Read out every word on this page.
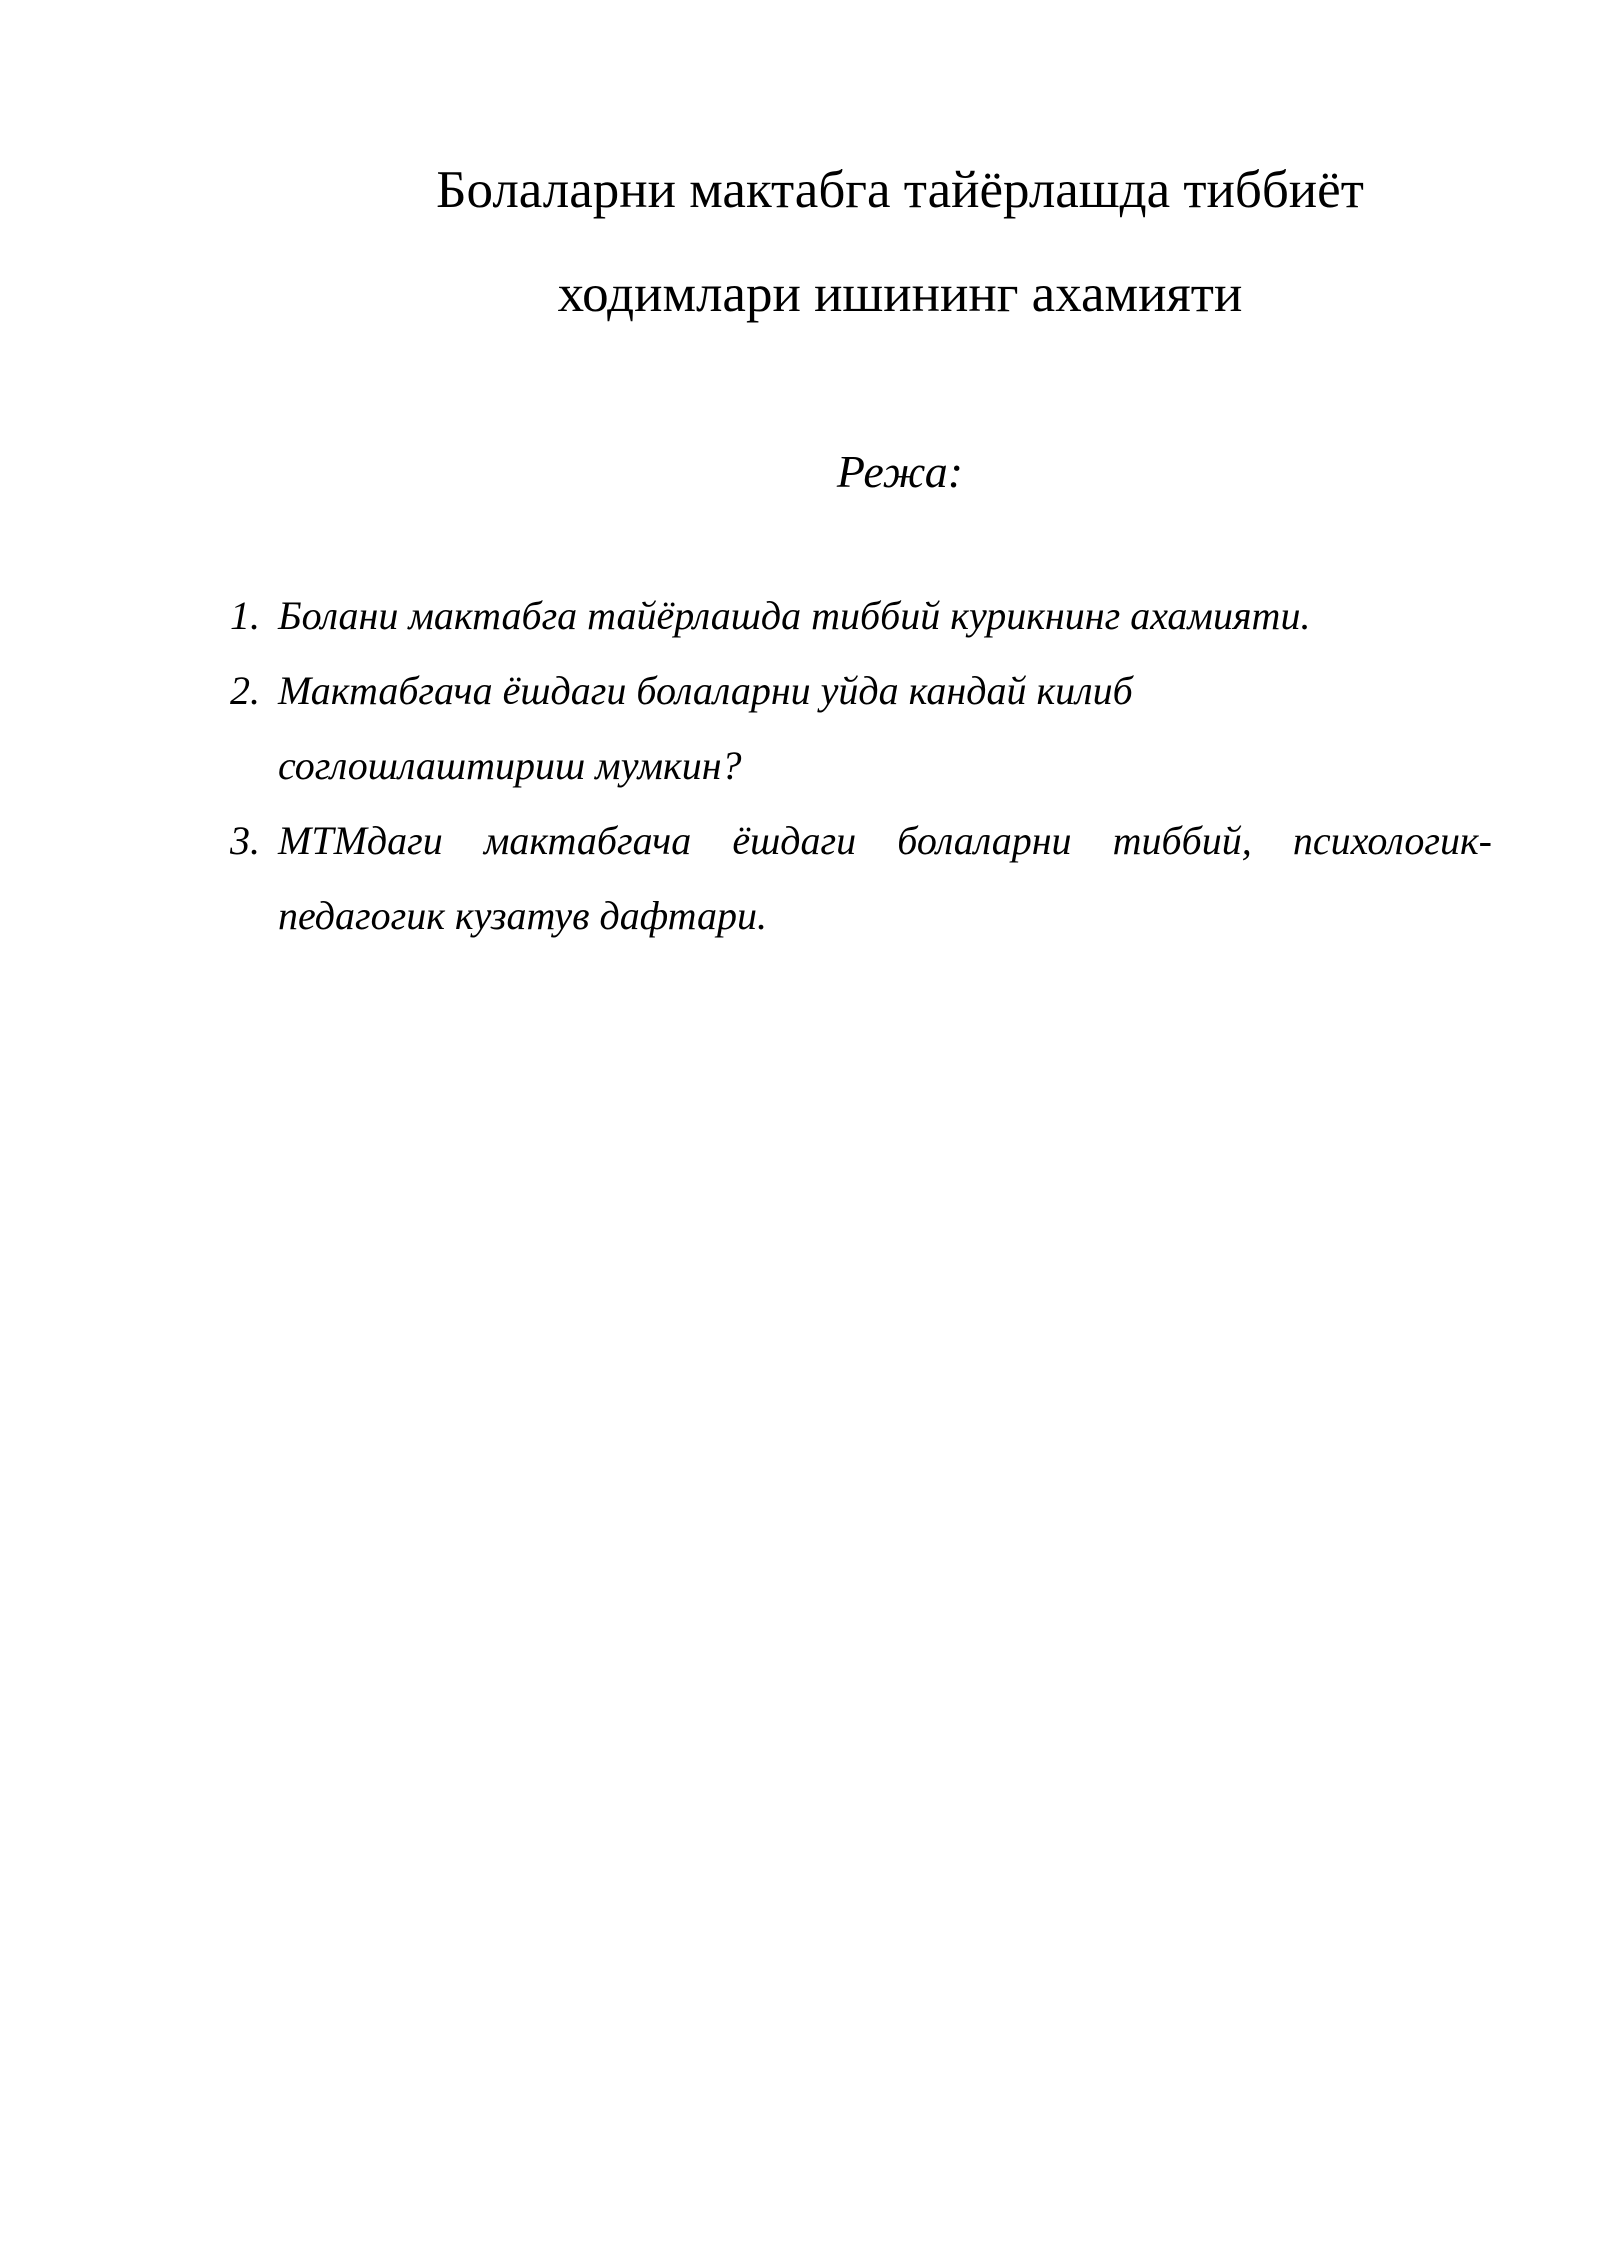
Болаларни мактабга тайёрлашда тиббиёт
ходимлари ишининг ахамияти

Режа:

1. Болани мактабга тайёрлашда тиббий курикнинг ахамияти.
2. Мактабгача ёшдаги болаларни уйда кандай килиб соглошлаштириш мумкин?
3. МТМдаги мактабгача ёшдаги болаларни тиббий, психологик-педагогик кузатув дафтари.
